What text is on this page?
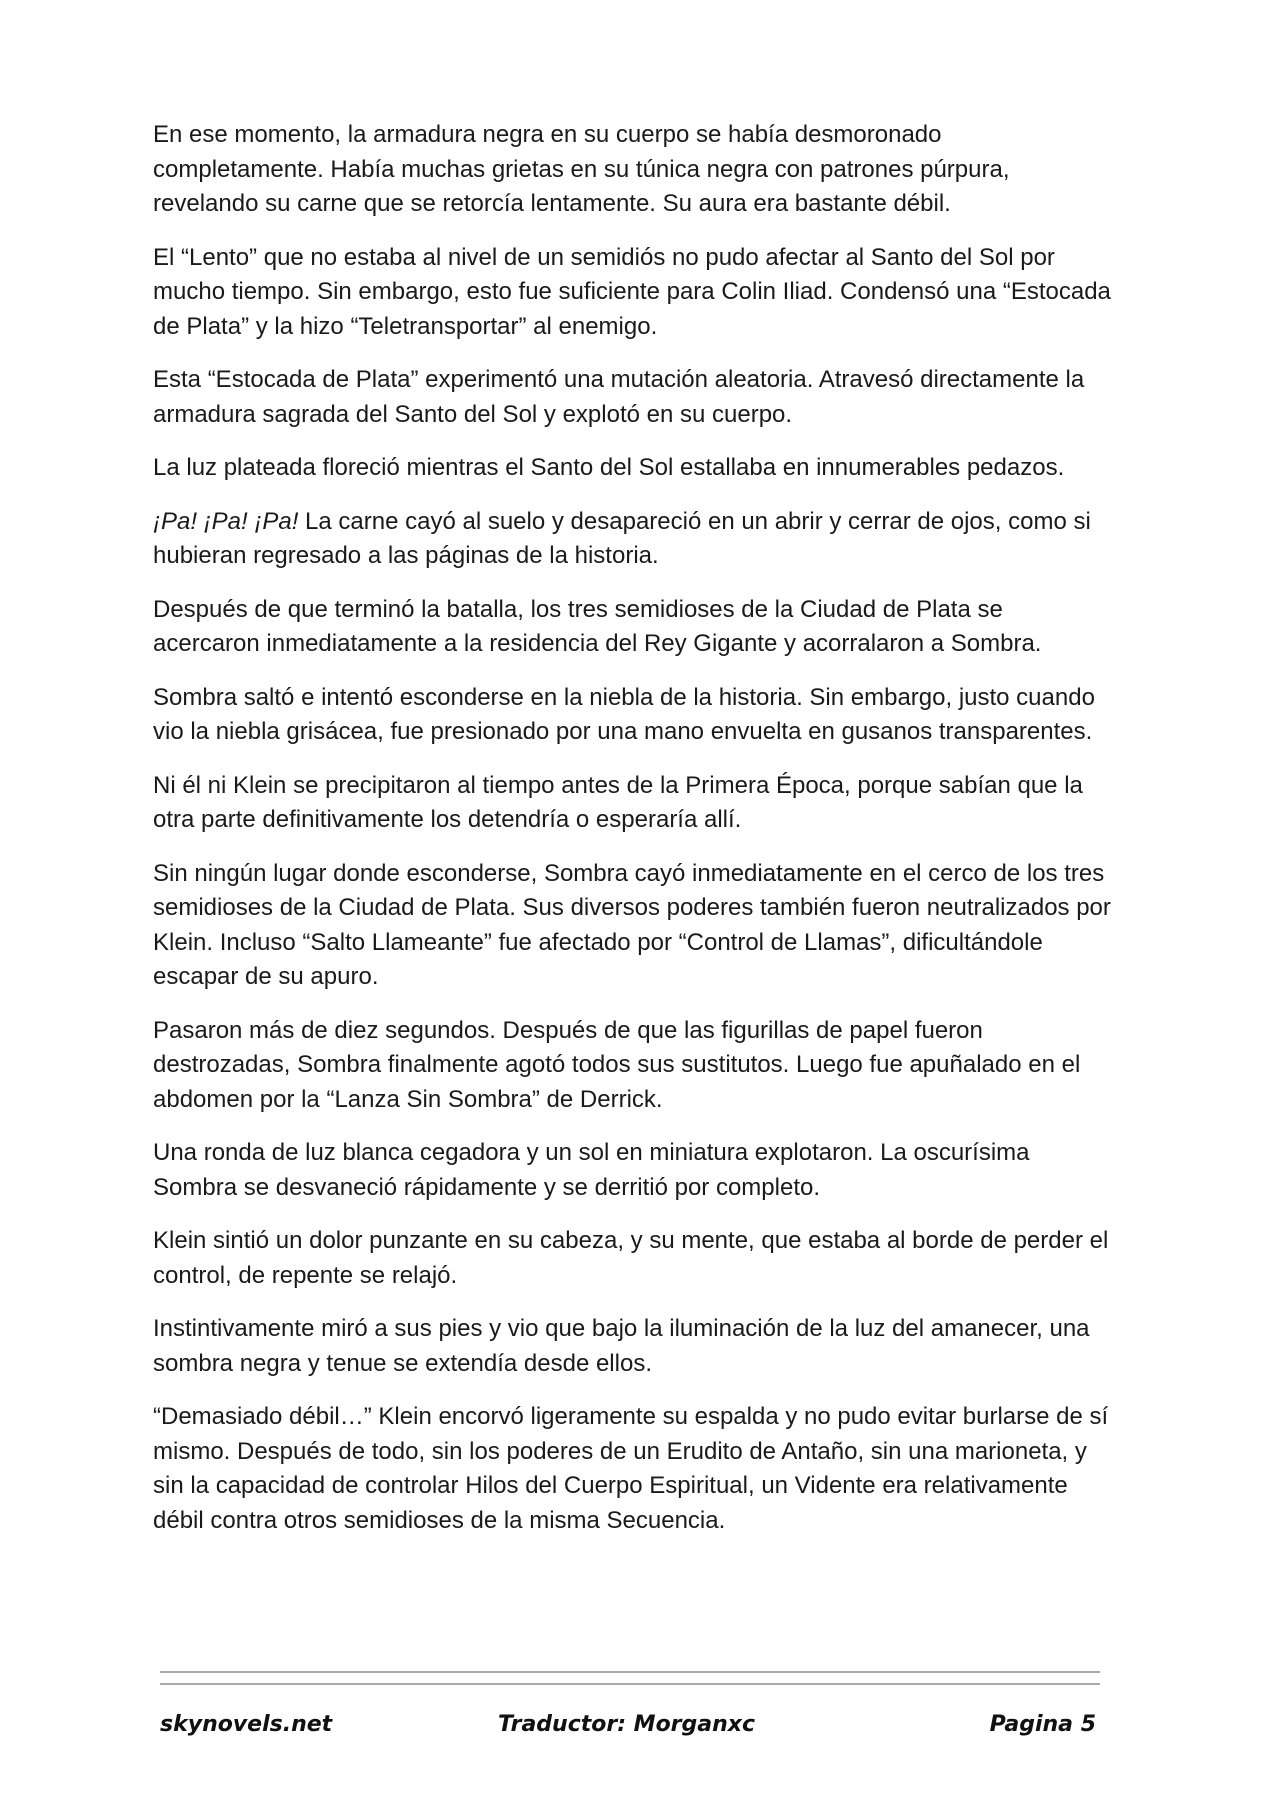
En ese momento, la armadura negra en su cuerpo se había desmoronado completamente. Había muchas grietas en su túnica negra con patrones púrpura, revelando su carne que se retorcía lentamente. Su aura era bastante débil.

El “Lento” que no estaba al nivel de un semidiós no pudo afectar al Santo del Sol por mucho tiempo. Sin embargo, esto fue suficiente para Colin Iliad. Condensó una “Estocada de Plata” y la hizo “Teletransportar” al enemigo.

Esta “Estocada de Plata” experimentó una mutación aleatoria. Atravesó directamente la armadura sagrada del Santo del Sol y explotó en su cuerpo.

La luz plateada floreció mientras el Santo del Sol estallaba en innumerables pedazos.

¡Pa! ¡Pa! ¡Pa! La carne cayó al suelo y desapareció en un abrir y cerrar de ojos, como si hubieran regresado a las páginas de la historia.

Después de que terminó la batalla, los tres semidioses de la Ciudad de Plata se acercaron inmediatamente a la residencia del Rey Gigante y acorralaron a Sombra.

Sombra saltó e intentó esconderse en la niebla de la historia. Sin embargo, justo cuando vio la niebla grisácea, fue presionado por una mano envuelta en gusanos transparentes.

Ni él ni Klein se precipitaron al tiempo antes de la Primera Época, porque sabían que la otra parte definitivamente los detendría o esperaría allí.

Sin ningún lugar donde esconderse, Sombra cayó inmediatamente en el cerco de los tres semidioses de la Ciudad de Plata. Sus diversos poderes también fueron neutralizados por Klein. Incluso “Salto Llameante” fue afectado por “Control de Llamas”, dificultándole escapar de su apuro.

Pasaron más de diez segundos. Después de que las figurillas de papel fueron destrozadas, Sombra finalmente agotó todos sus sustitutos. Luego fue apuñalado en el abdomen por la “Lanza Sin Sombra” de Derrick.

Una ronda de luz blanca cegadora y un sol en miniatura explotaron. La oscurísima Sombra se desvaneció rápidamente y se derritió por completo.

Klein sintió un dolor punzante en su cabeza, y su mente, que estaba al borde de perder el control, de repente se relajó.

Instintivamente miró a sus pies y vio que bajo la iluminación de la luz del amanecer, una sombra negra y tenue se extendía desde ellos.

“Demasiado débil…” Klein encorvó ligeramente su espalda y no pudo evitar burlarse de sí mismo. Después de todo, sin los poderes de un Erudito de Antaño, sin una marioneta, y sin la capacidad de controlar Hilos del Cuerpo Espiritual, un Vidente era relativamente débil contra otros semidioses de la misma Secuencia.

skynovels.net	Traductor: Morganxc	Pagina 5
